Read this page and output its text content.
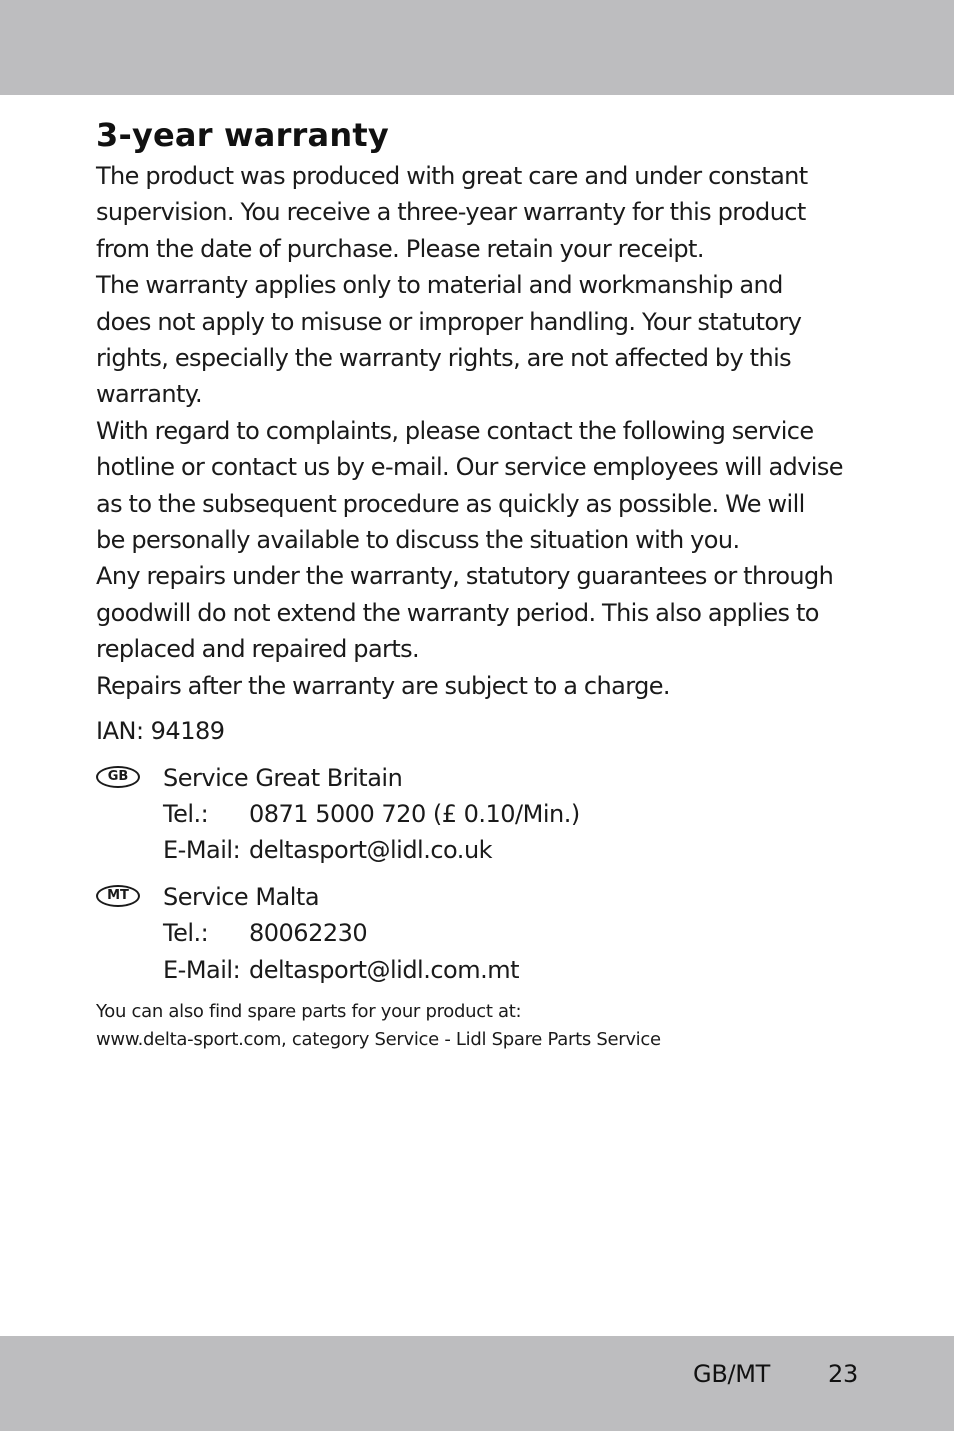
3-year warranty

The product was produced with great care and under constant

supervision. You receive a three-year warranty for this product

from the date of purchase. Please retain your receipt.

The warranty applies only to material and workmanship and

does not apply to misuse or improper handling. Your statutory

rights, especially the warranty rights, are not affected by this

warranty.

With regard to complaints, please contact the following service

hotline or contact us by e-mail. Our service employees will advise

as to the subsequent procedure as quickly as possible. We will

be personally available to discuss the situation with you.

Any repairs under the warranty, statutory guarantees or through

goodwill do not extend the warranty period. This also applies to

replaced and repaired parts.

Repairs after the warranty are subject to a charge.

IAN: 94189
GB	Service Great Britain
Tel.: 0871 5000 720 (£ 0.10/Min.)
E-Mail: deltasport@lidl.co.uk
MT	Service Malta
Tel.: 80062230
E-Mail: deltasport@lidl.com.mt
You can also find spare parts for your product at:
www.delta-sport.com, category Service - Lidl Spare Parts Service
GB/MT 23
